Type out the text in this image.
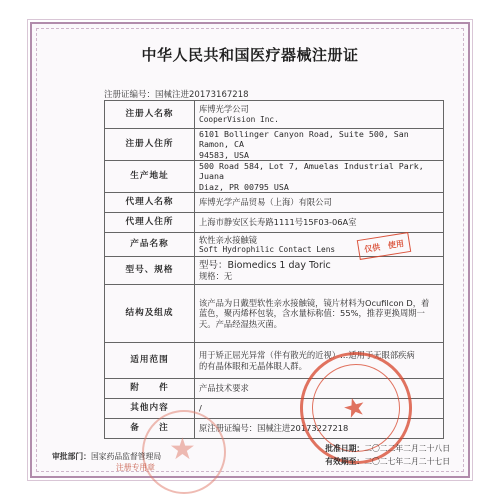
中华人民共和国医疗器械注册证
注册证编号：国械注进20173167218
注册人名称	库博光学公司
CooperVision Inc.

注册人住所	6101 Bollinger Canyon Road, Suite 500, San Ramon, CA
94583, USA

生产地址	500 Road 584, Lot 7, Amuelas Industrial Park, Juana
Diaz, PR 00795 USA

代理人名称	库博光学产品贸易（上海）有限公司

代理人住所	上海市静安区长寿路1111号15F03-06A室

产品名称	软性亲水接触镜
Soft Hydrophilic Contact Lens

型号、规格	型号：Biomedics 1 day Toric
规格：无

结构及组成	该产品为日戴型软性亲水接触镜，镜片材料为Ocufilcon D，着
蓝色，聚丙烯杯包装，含水量标称值：55%，推荐更换周期一
天。产品经湿热灭菌。

适用范围	用于矫正屈光异常（伴有散光的近视）…适用于无眼部疾病
的有晶体眼和无晶体眼人群。

附　　件	产品技术要求

其他内容	/

备　　注	原注册证编号：国械注进20173227218
仅供　使用
★
★
审批部门：国家药品监督管理局
注册专用章
批准日期：二〇二二年二月二十八日
有效期至：二〇二七年二月二十七日
